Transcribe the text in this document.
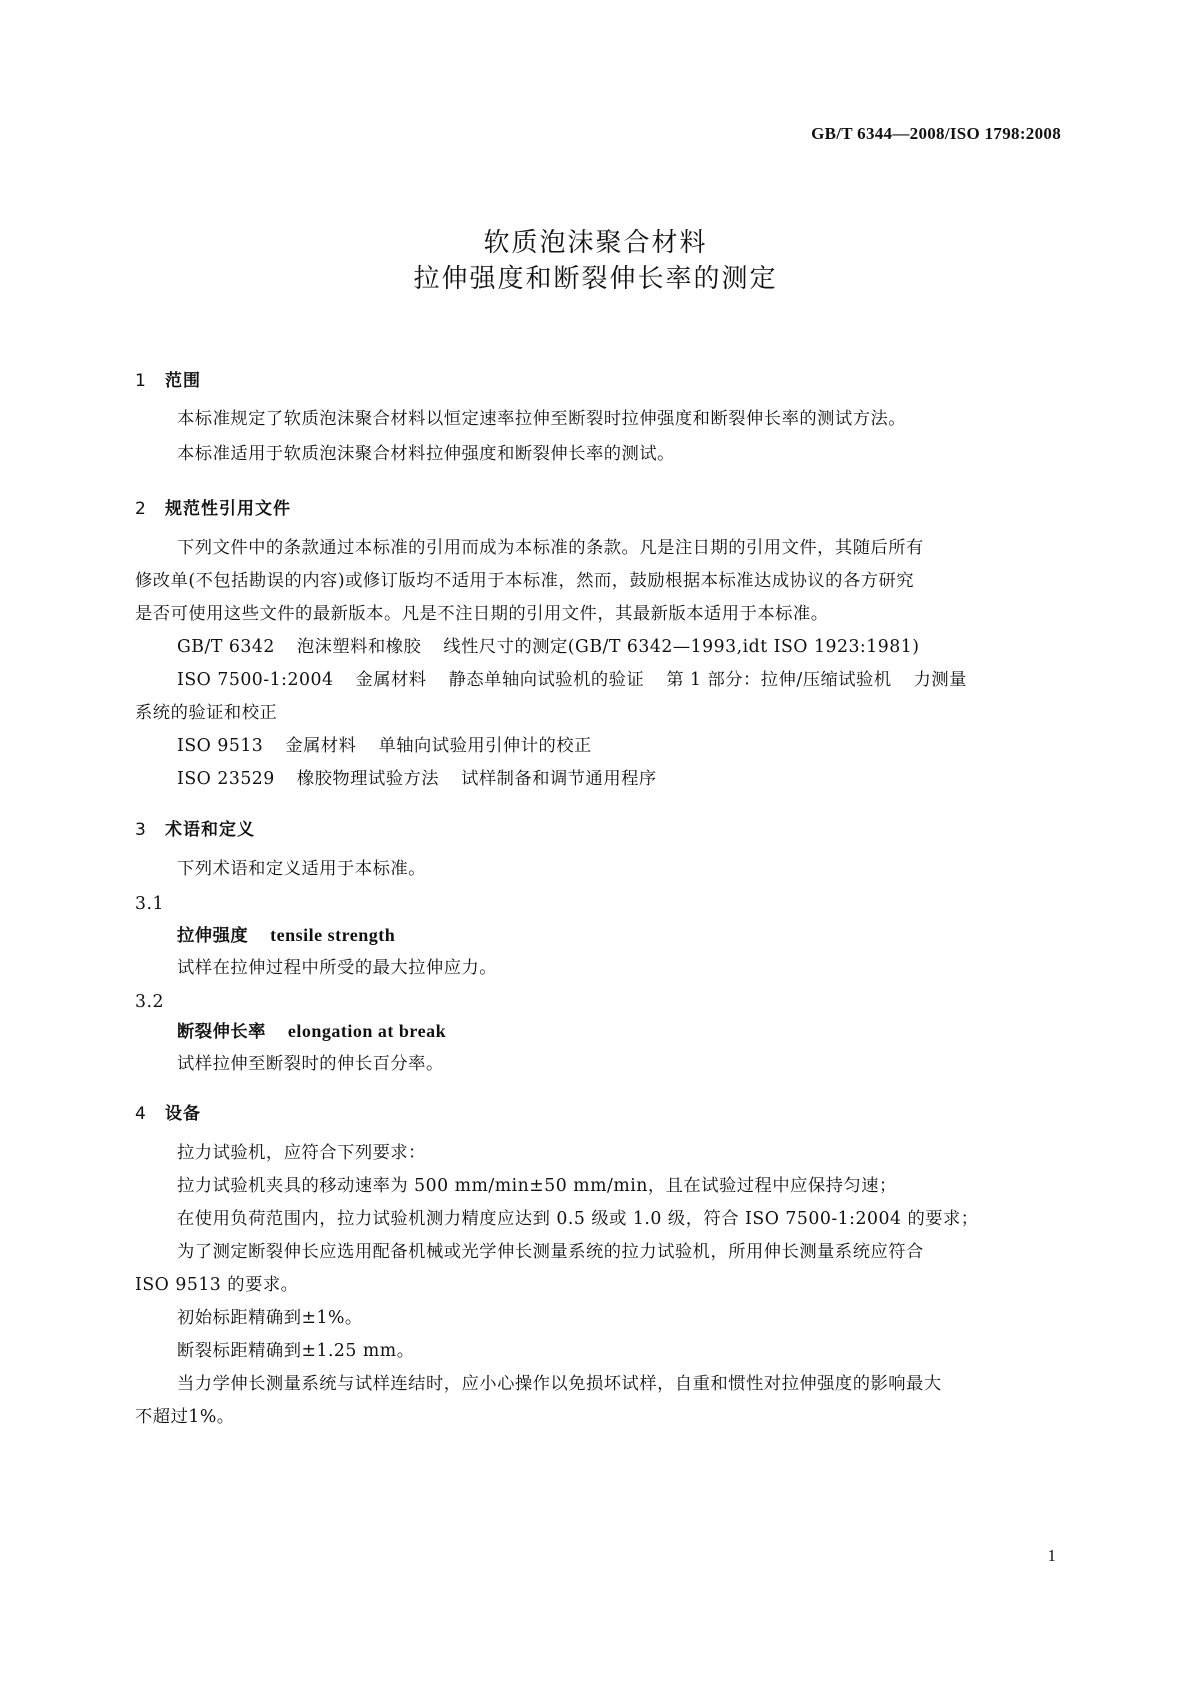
GB/T 6344—2008/ISO 1798:2008
软质泡沫聚合材料
拉伸强度和断裂伸长率的测定
1 范围
本标准规定了软质泡沫聚合材料以恒定速率拉伸至断裂时拉伸强度和断裂伸长率的测试方法。
本标准适用于软质泡沫聚合材料拉伸强度和断裂伸长率的测试。
2 规范性引用文件
下列文件中的条款通过本标准的引用而成为本标准的条款。凡是注日期的引用文件，其随后所有
修改单(不包括勘误的内容)或修订版均不适用于本标准，然而，鼓励根据本标准达成协议的各方研究
是否可使用这些文件的最新版本。凡是不注日期的引用文件，其最新版本适用于本标准。
GB/T 6342 泡沫塑料和橡胶 线性尺寸的测定(GB/T 6342—1993,idt ISO 1923:1981)
ISO 7500-1:2004 金属材料 静态单轴向试验机的验证 第 1 部分：拉伸/压缩试验机 力测量
系统的验证和校正
ISO 9513 金属材料 单轴向试验用引伸计的校正
ISO 23529 橡胶物理试验方法 试样制备和调节通用程序
3 术语和定义
下列术语和定义适用于本标准。
3.1
拉伸强度 tensile strength
试样在拉伸过程中所受的最大拉伸应力。
3.2
断裂伸长率 elongation at break
试样拉伸至断裂时的伸长百分率。
4 设备
拉力试验机，应符合下列要求：
拉力试验机夹具的移动速率为 500 mm/min±50 mm/min，且在试验过程中应保持匀速；
在使用负荷范围内，拉力试验机测力精度应达到 0.5 级或 1.0 级，符合 ISO 7500-1:2004 的要求；
为了测定断裂伸长应选用配备机械或光学伸长测量系统的拉力试验机，所用伸长测量系统应符合
ISO 9513 的要求。
初始标距精确到±1%。
断裂标距精确到±1.25 mm。
当力学伸长测量系统与试样连结时，应小心操作以免损坏试样，自重和惯性对拉伸强度的影响最大
不超过1%。
1
